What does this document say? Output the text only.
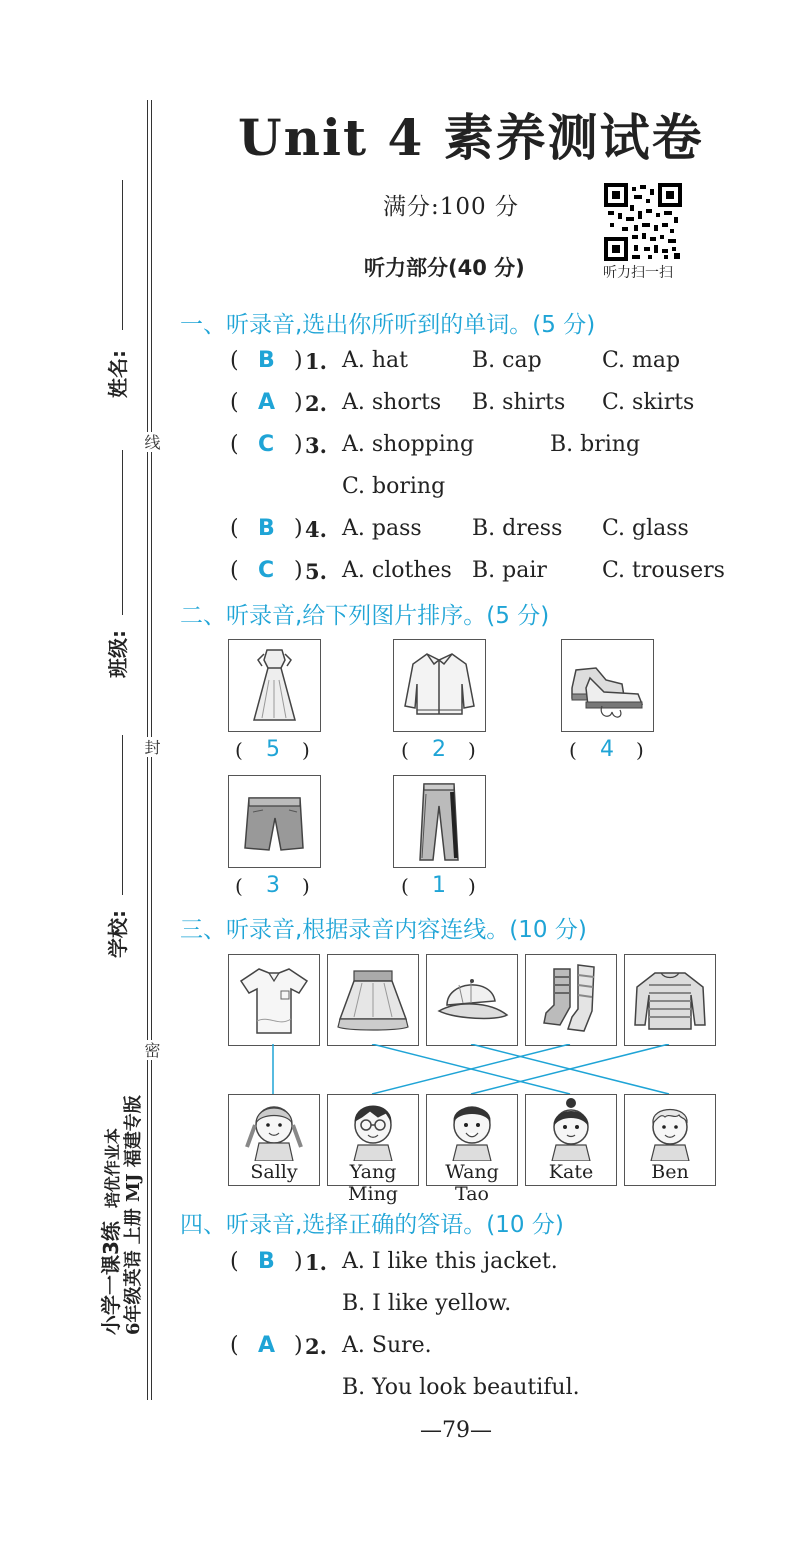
姓名:
班级:
学校:
线
封
密
小学一课3练 培优作业本 6年级英语 上册 MJ 福建专版
Unit 4 素养测试卷
满分:100 分
听力部分(40 分)	听力扫一扫
一、听录音,选出你所听到的单词。(5 分)
( B ) 1. A. hat	B. cap	C. map
( A ) 2. A. shorts B. shirts C. skirts
( C ) 3. A. shopping	B. bring
C. boring
( B ) 4. A. pass B. dress C. glass
( C ) 5. A. clothes B. pair	C. trousers
二、听录音,给下列图片排序。(5 分)
( 5 )	( 2 )	( 4 )
( 3 )	( 1 )
三、听录音,根据录音内容连线。(10 分)
Sally	Yang Ming
Wang Tao
Kate	Ben
四、听录音,选择正确的答语。(10 分)
( B ) 1. A. I like this jacket.
B. I like yellow.
( A ) 2. A. Sure.
B. You look beautiful.
—79—
